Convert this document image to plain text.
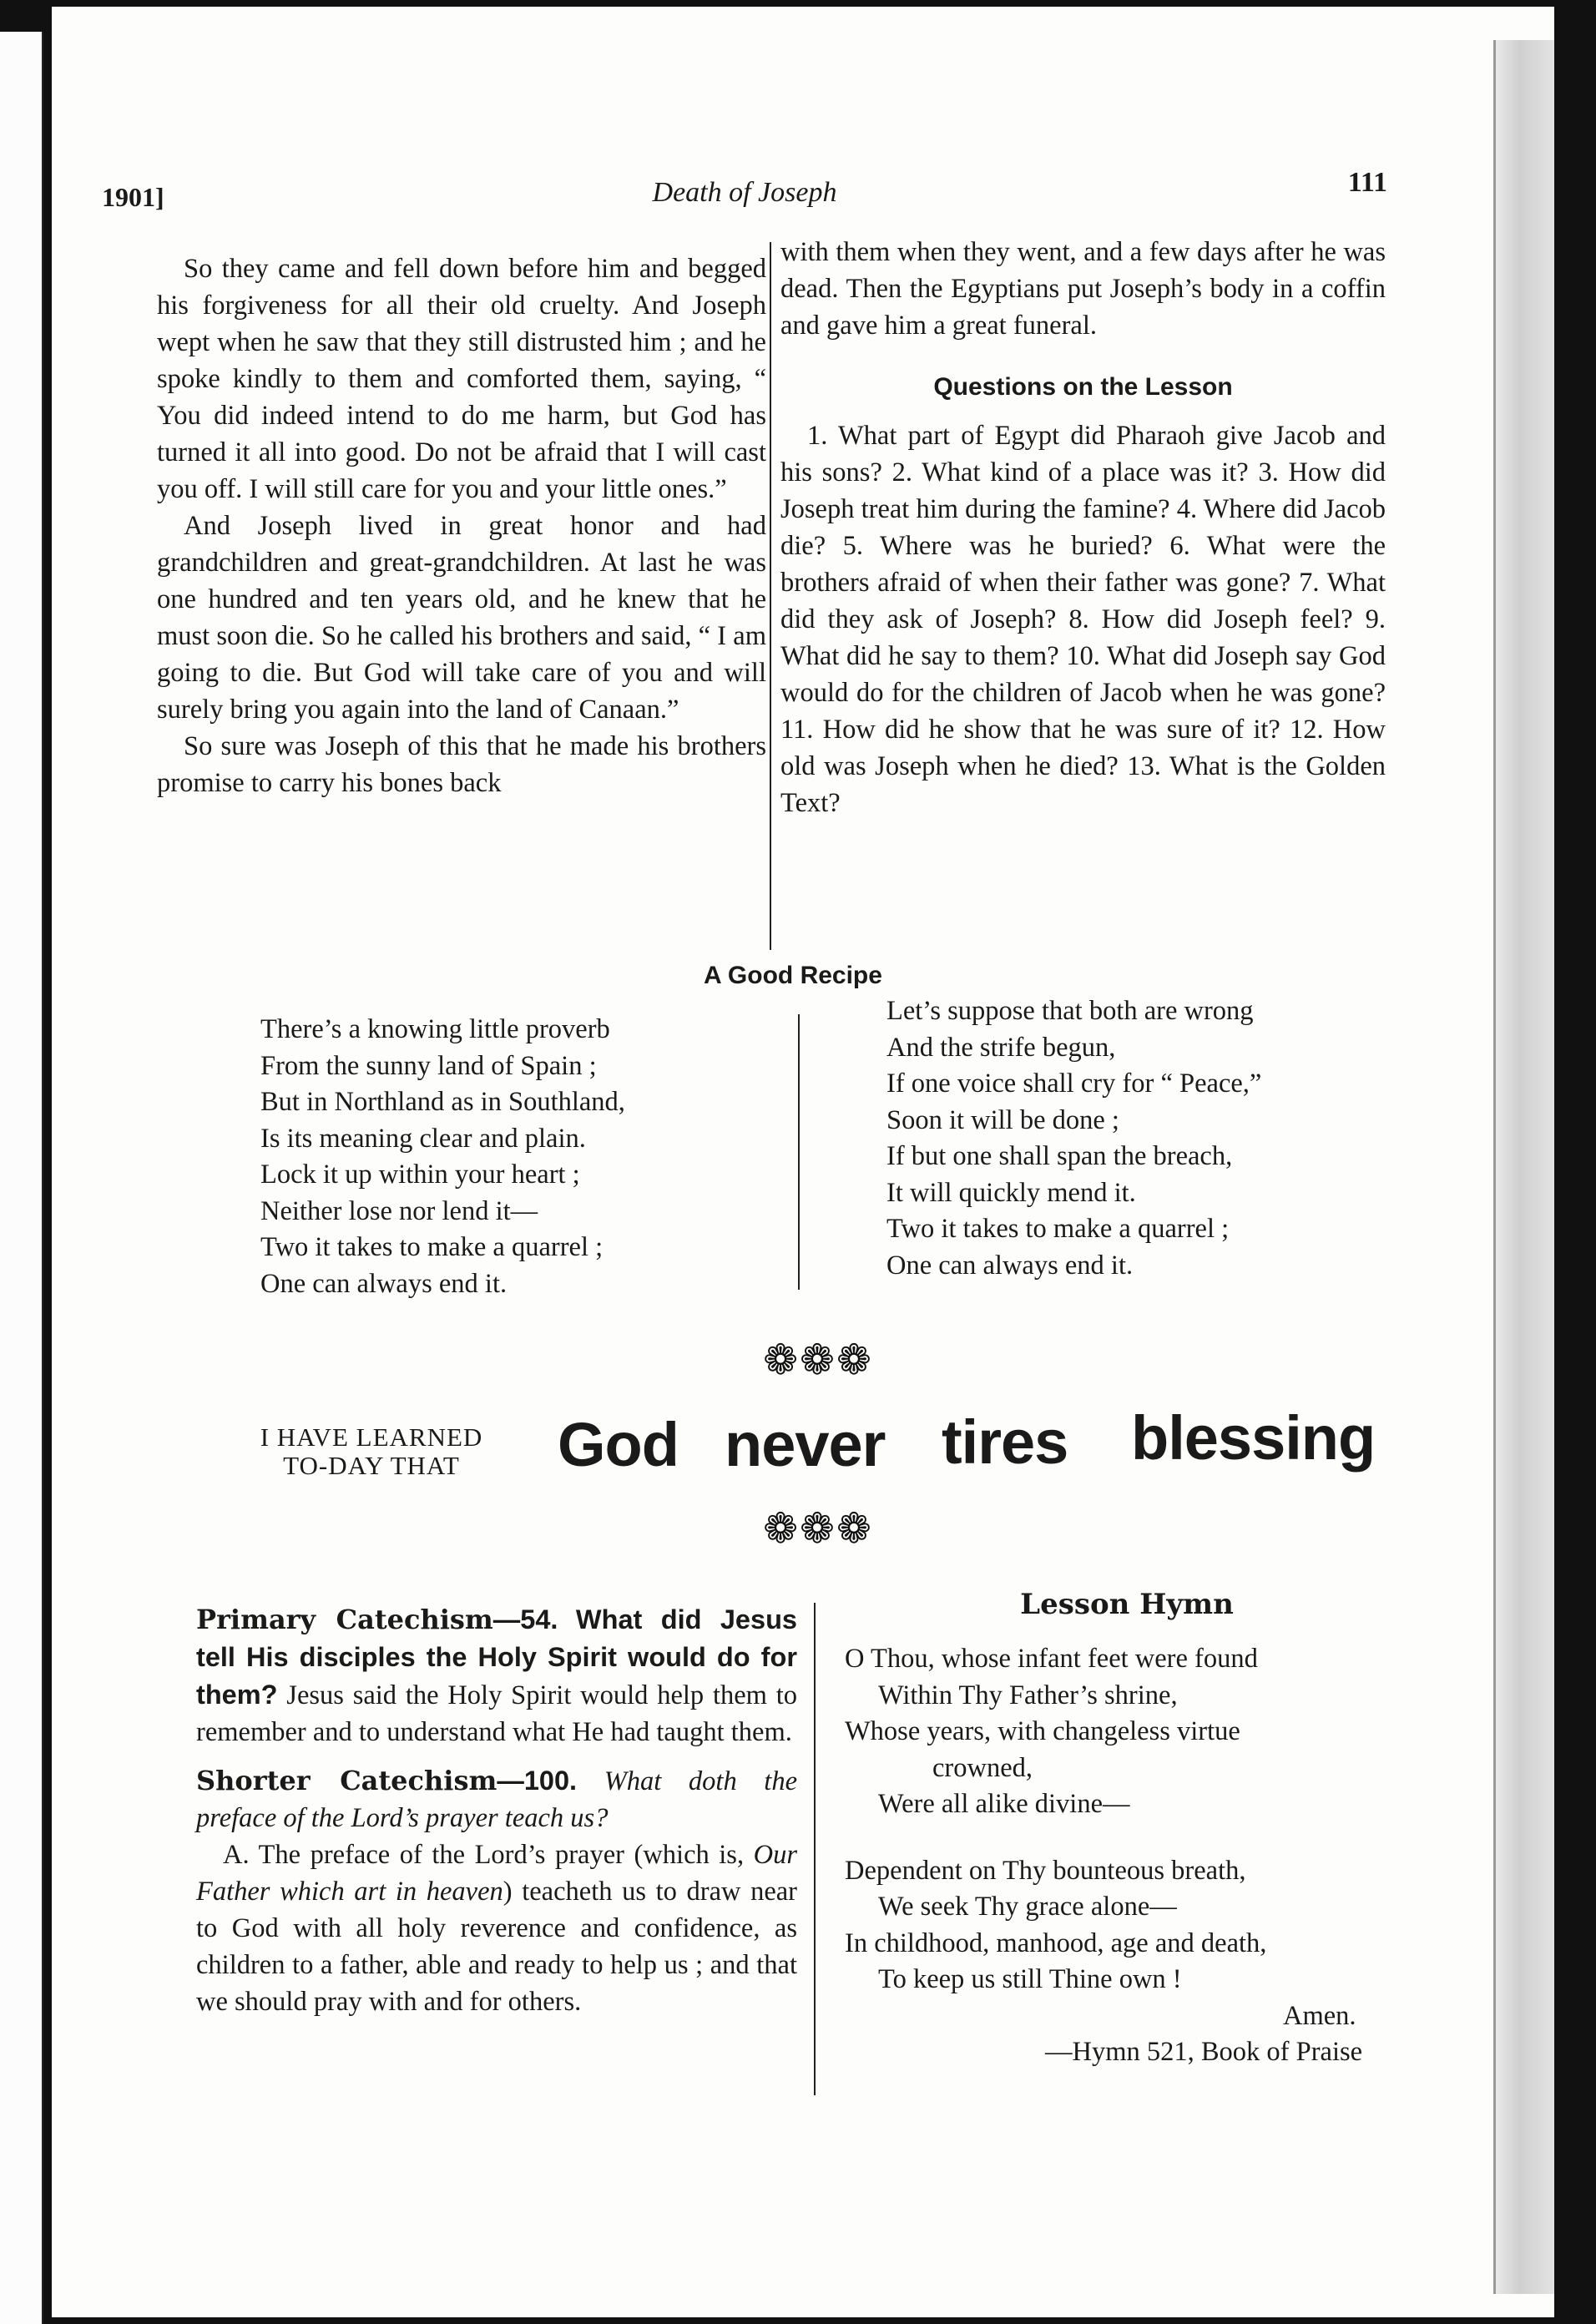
1901]	Death of Joseph	111

So they came and fell down before him and begged his forgiveness for all their old cruelty. And Joseph wept when he saw that they still distrusted him ; and he spoke kindly to them and comforted them, saying, “ You did indeed intend to do me harm, but God has turned it all into good. Do not be afraid that I will cast you off. I will still care for you and your little ones.”

And Joseph lived in great honor and had grandchildren and great-grandchildren. At last he was one hundred and ten years old, and he knew that he must soon die. So he called his brothers and said, “ I am going to die. But God will take care of you and will surely bring you again into the land of Canaan.”

So sure was Joseph of this that he made his brothers promise to carry his bones back

with them when they went, and a few days after he was dead. Then the Egyptians put Joseph’s body in a coffin and gave him a great funeral.

Questions on the Lesson

1. What part of Egypt did Pharaoh give Jacob and his sons? 2. What kind of a place was it? 3. How did Joseph treat him during the famine? 4. Where did Jacob die? 5. Where was he buried? 6. What were the brothers afraid of when their father was gone? 7. What did they ask of Joseph? 8. How did Joseph feel? 9. What did he say to them? 10. What did Joseph say God would do for the children of Jacob when he was gone? 11. How did he show that he was sure of it? 12. How old was Joseph when he died? 13. What is the Golden Text?

A Good Recipe
There’s a knowing little proverb
From the sunny land of Spain ;
But in Northland as in Southland,
Is its meaning clear and plain.
Lock it up within your heart ;
Neither lose nor lend it—
Two it takes to make a quarrel ;
One can always end it.
Let’s suppose that both are wrong
And the strife begun,
If one voice shall cry for “ Peace,”
Soon it will be done ;
If but one shall span the breach,
It will quickly mend it.
Two it takes to make a quarrel ;
One can always end it.
❁❁❁
I HAVE LEARNED
TO-DAY THAT	God never tires blessing
❁❁❁

Primary Catechism—54. What did Jesus tell His disciples the Holy Spirit would do for them? Jesus said the Holy Spirit would help them to remember and to understand what He had taught them.

Shorter Catechism—100. What doth the preface of the Lord’s prayer teach us?

A. The preface of the Lord’s prayer (which is, Our Father which art in heaven) teacheth us to draw near to God with all holy reverence and confidence, as children to a father, able and ready to help us ; and that we should pray with and for others.

Lesson Hymn
O Thou, whose infant feet were found
Within Thy Father’s shrine,
Whose years, with changeless virtue
crowned,
Were all alike divine—
Dependent on Thy bounteous breath,
We seek Thy grace alone—
In childhood, manhood, age and death,
To keep us still Thine own !
Amen.
—Hymn 521, Book of Praise
